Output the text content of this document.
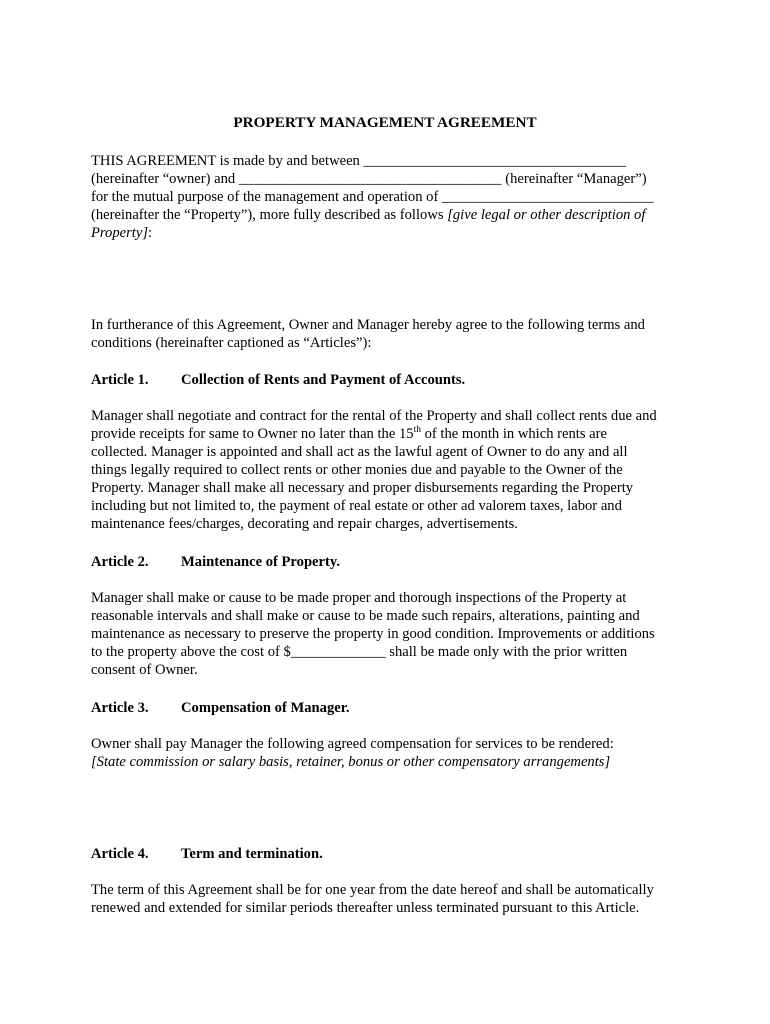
PROPERTY MANAGEMENT AGREEMENT
THIS AGREEMENT is made by and between ____________________________________
(hereinafter “owner) and ____________________________________ (hereinafter “Manager”)
for the mutual purpose of the management and operation of _____________________________
(hereinafter the “Property”), more fully described as follows [give legal or other description of
Property]:
In furtherance of this Agreement, Owner and Manager hereby agree to the following terms and
conditions (hereinafter captioned as “Articles”):
Article 1. Collection of Rents and Payment of Accounts.
Manager shall negotiate and contract for the rental of the Property and shall collect rents due and
provide receipts for same to Owner no later than the 15th of the month in which rents are
collected. Manager is appointed and shall act as the lawful agent of Owner to do any and all
things legally required to collect rents or other monies due and payable to the Owner of the
Property. Manager shall make all necessary and proper disbursements regarding the Property
including but not limited to, the payment of real estate or other ad valorem taxes, labor and
maintenance fees/charges, decorating and repair charges, advertisements.
Article 2. Maintenance of Property.
Manager shall make or cause to be made proper and thorough inspections of the Property at
reasonable intervals and shall make or cause to be made such repairs, alterations, painting and
maintenance as necessary to preserve the property in good condition. Improvements or additions
to the property above the cost of $_____________ shall be made only with the prior written
consent of Owner.
Article 3. Compensation of Manager.
Owner shall pay Manager the following agreed compensation for services to be rendered:
[State commission or salary basis, retainer, bonus or other compensatory arrangements]
Article 4. Term and termination.
The term of this Agreement shall be for one year from the date hereof and shall be automatically
renewed and extended for similar periods thereafter unless terminated pursuant to this Article.
